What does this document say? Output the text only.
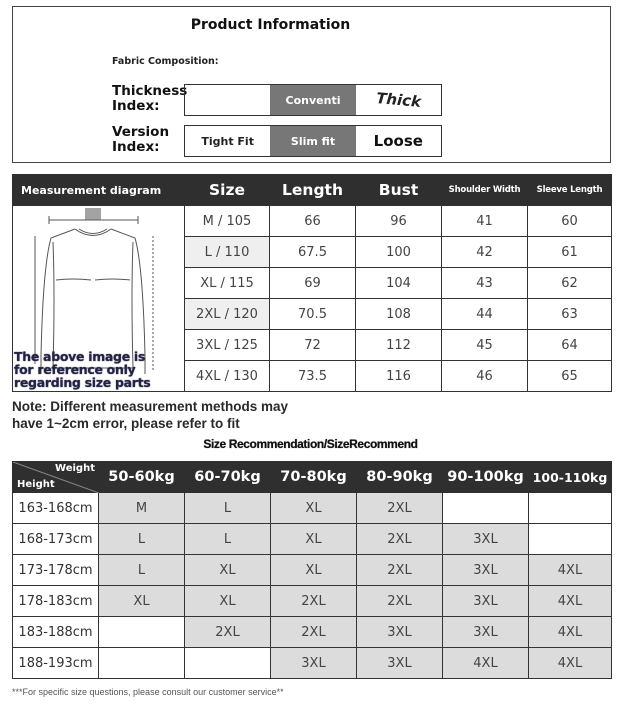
Product Information
Fabric Composition:
Thickness
Index:	Conventi	Thick
Version
Index:	Tight Fit	Slim fit	Loose
Measurement diagram	Size	Length	Bust	Shoulder Width	Sleeve Length

The above image is
for reference only
regarding size parts	M / 105	66	96	41	60
	L / 110	67.5	100	42	61
	XL / 115	69	104	43	62
	2XL / 120	70.5	108	44	63
	3XL / 125	72	112	45	64
	4XL / 130	73.5	116	46	65
Note: Different measurement methods may
have 1~2cm error, please refer to fit
Size Recommendation/SizeRecommend
Weight
Height	50-60kg	60-70kg	70-80kg	80-90kg	90-100kg	100-110kg
163-168cm	M	L	XL	2XL		
168-173cm	L	L	XL	2XL	3XL	
173-178cm	L	XL	XL	2XL	3XL	4XL
178-183cm	XL	XL	2XL	2XL	3XL	4XL
183-188cm		2XL	2XL	3XL	3XL	4XL
188-193cm			3XL	3XL	4XL	4XL
***For specific size questions, please consult our customer service**
